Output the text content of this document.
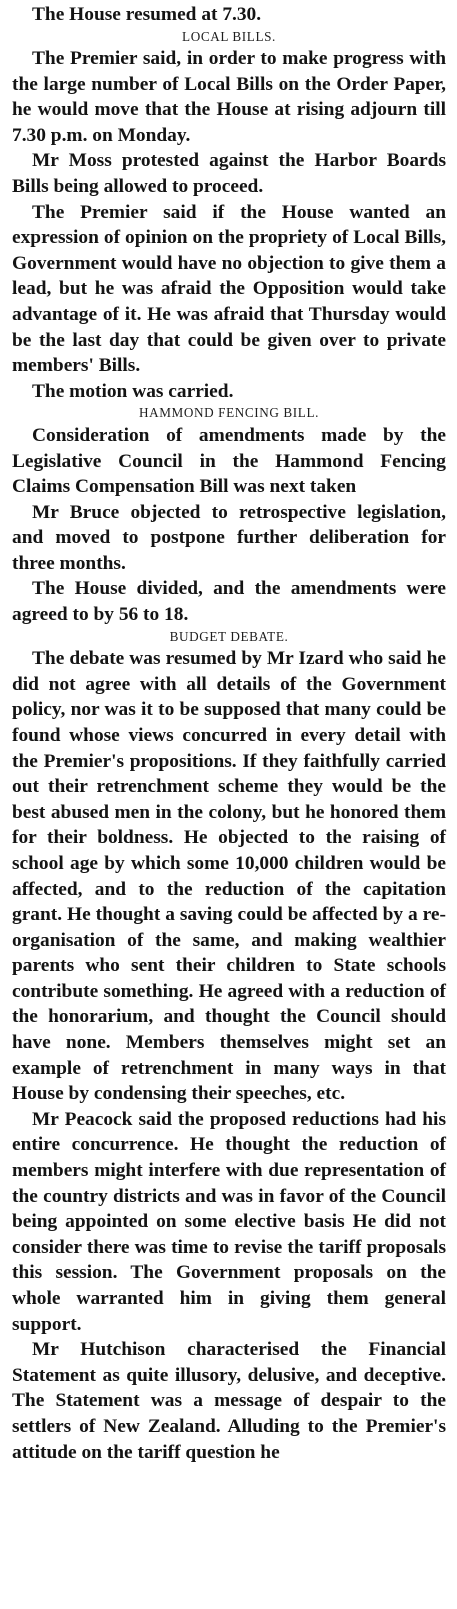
The House resumed at 7.30.
LOCAL BILLS.

The Premier said, in order to make progress with the large number of Local Bills on the Order Paper, he would move that the House at rising adjourn till 7.30 p.m. on Monday.

Mr Moss protested against the Harbor Boards Bills being allowed to proceed.

The Premier said if the House wanted an expression of opinion on the propriety of Local Bills, Government would have no objection to give them a lead, but he was afraid the Opposition would take advantage of it. He was afraid that Thursday would be the last day that could be given over to private members' Bills.

The motion was carried.

HAMMOND FENCING BILL.

Consideration of amendments made by the Legislative Council in the Hammond Fencing Claims Compensation Bill was next taken

Mr Bruce objected to retrospective legislation, and moved to postpone further deliberation for three months.

The House divided, and the amendments were agreed to by 56 to 18.

BUDGET DEBATE.

The debate was resumed by Mr Izard who said he did not agree with all details of the Government policy, nor was it to be supposed that many could be found whose views concurred in every detail with the Premier's propositions. If they faithfully carried out their retrenchment scheme they would be the best abused men in the colony, but he honored them for their boldness. He objected to the raising of school age by which some 10,000 children would be affected, and to the reduction of the capitation grant. He thought a saving could be affected by a re-organisation of the same, and making wealthier parents who sent their children to State schools contribute something. He agreed with a reduction of the honorarium, and thought the Council should have none. Members themselves might set an example of retrenchment in many ways in that House by condensing their speeches, etc.

Mr Peacock said the proposed reductions had his entire concurrence. He thought the reduction of members might interfere with due representation of the country districts and was in favor of the Council being appointed on some elective basis He did not consider there was time to revise the tariff proposals this session. The Government proposals on the whole warranted him in giving them general support.

Mr Hutchison characterised the Financial Statement as quite illusory, delusive, and deceptive. The Statement was a message of despair to the settlers of New Zealand. Alluding to the Premier's attitude on the tariff question he
